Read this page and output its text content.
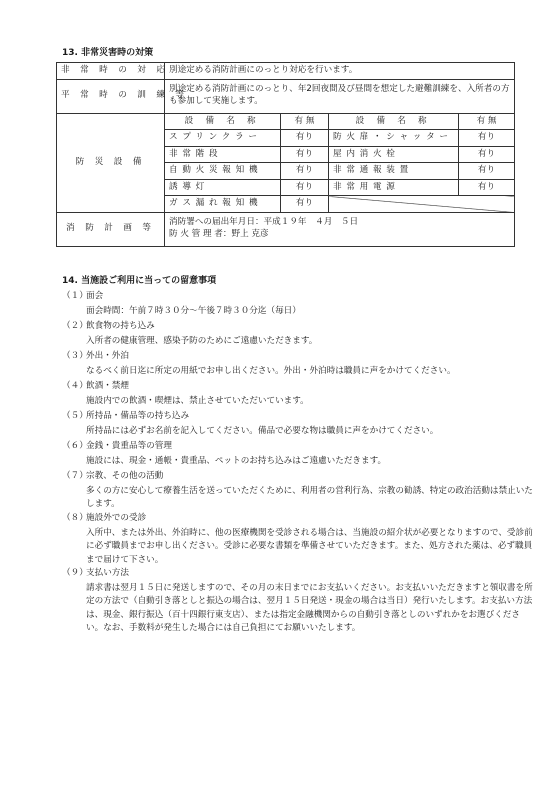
13. 非常災害時の対策
非 常 時 の 対 応	別途定める消防計画にのっとり対応を行います。			
平 常 時 の 訓 練 等	別途定める消防計画にのっとり、年2回夜間及び昼間を想定した避難訓練を、入所者の方も参加して実施します。			
防 災 設 備	設 備 名 称	有 無	設 備 名 称	有 無
	スプリンクラー	有り	防火扉・シャッター	有り
	非常階段	有り	屋内消火栓	有り
	自動火災報知機	有り	非常通報装置	有り
	誘導灯	有り	非常用電源	有り
	ガス漏れ報知機	有り		
消 防 計 画 等	消防署への届出年月日：平成１９年　４月　５日
防 火 管 理 者：野上 克彦			
14. 当施設ご利用に当っての留意事項
（１）
面会
面会時間：午前７時３０分〜午後７時３０分迄（毎日）
（２）
飲食物の持ち込み
入所者の健康管理、感染予防のためにご遠慮いただきます。
（３）
外出・外泊
なるべく前日迄に所定の用紙でお申し出ください。外出・外泊時は職員に声をかけてください。
（４）
飲酒・禁煙
施設内での飲酒・喫煙は、禁止させていただいています。
（５）
所持品・備品等の持ち込み
所持品には必ずお名前を記入してください。備品で必要な物は職員に声をかけてください。
（６）
金銭・貴重品等の管理
施設には、現金・通帳・貴重品、ペットのお持ち込みはご遠慮いただきます。
（７）
宗教、その他の活動
多くの方に安心して療養生活を送っていただくために、利用者の営利行為、宗教の勧誘、特定の政治活動は禁止いたします。
（８）
施設外での受診
入所中、または外出、外泊時に、他の医療機関を受診される場合は、当施設の紹介状が必要となりますので、受診前に必ず職員までお申し出ください。受診に必要な書類を準備させていただきます。また、処方された薬は、必ず職員まで届けて下さい。
（９）
支払い方法
請求書は翌月１５日に発送しますので、その月の末日までにお支払いください。お支払いいただきますと領収書を所定の方法で（自動引き落としと振込の場合は、翌月１５日発送・現金の場合は当日）発行いたします。お支払い方法は、現金、銀行振込（百十四銀行東支店）、または指定金融機関からの自動引き落としのいずれかをお選びください。なお、手数料が発生した場合には自己負担にてお願いいたします。
